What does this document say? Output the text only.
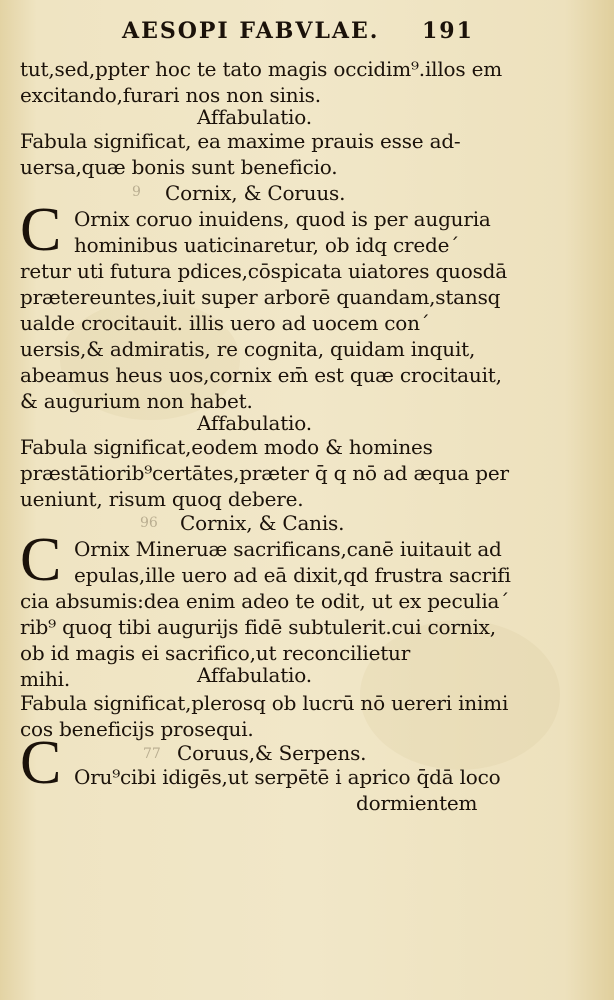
AESOPI FABVLAE. 191
tut,sed,ppter hoc te tato magis occidim⁹.illos em
excitando,furari nos non sinis.
Affabulatio.
Fabula significat, ea maxime prauis esse ad-
uersa,quæ bonis sunt beneficio.
9 Cornix, & Coruus.
C Ornix coruo inuidens, quod is per auguria
hominibus uaticinaretur, ob idq credeˊ
retur uti futura pdices,cōspicata uiatores quosdā
prætereuntes,iuit super arborē quandam,stansq
ualde crocitauit. illis uero ad uocem conˊ
uersis,& admiratis, re cognita, quidam inquit,
abeamus heus uos,cornix em̄ est quæ crocitauit,
& augurium non habet.
Affabulatio.
Fabula significat,eodem modo & homines
præstātiorib⁹certātes,præter q̄ q nō ad æqua per
ueniunt, risum quoq debere.
96 Cornix, & Canis.
C Ornix Mineruæ sacrificans,canē iuitauit ad
epulas,ille uero ad eā dixit,qd frustra sacrifi
cia absumis:dea enim adeo te odit, ut ex peculiaˊ
rib⁹ quoq tibi augurijs fidē subtulerit.cui cornix,
ob id magis ei sacrifico,ut reconcilietur
mihi.	Affabulatio.
Fabula significat,plerosq ob lucrū nō uereri inimi
cos beneficijs prosequi.
77 Coruus,& Serpens.
C Oru⁹cibi idigēs,ut serpētē i aprico q̄dā loco
dormientem
